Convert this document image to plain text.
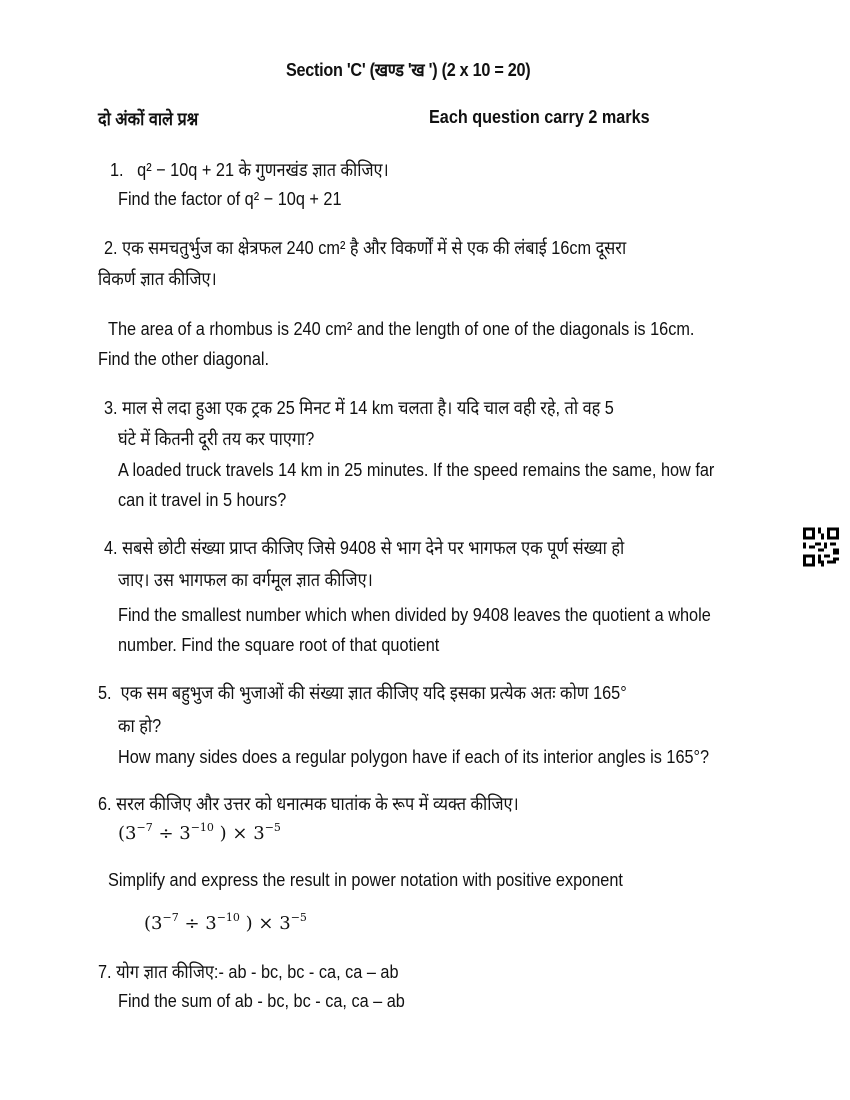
Section 'C' (खण्ड 'ख ') (2 x 10 = 20)
दो अंकों वाले प्रश्न	Each question carry 2 marks
1. q² − 10q + 21 के गुणनखंड ज्ञात कीजिए।
Find the factor of q² − 10q + 21
2. एक समचतुर्भुज का क्षेत्रफल 240 cm² है और विकर्णों में से एक की लंबाई 16cm दूसरा
विकर्ण ज्ञात कीजिए।
The area of a rhombus is 240 cm² and the length of one of the diagonals is 16cm.
Find the other diagonal.
3. माल से लदा हुआ एक ट्रक 25 मिनट में 14 km चलता है। यदि चाल वही रहे, तो वह 5
घंटे में कितनी दूरी तय कर पाएगा?
A loaded truck travels 14 km in 25 minutes. If the speed remains the same, how far
can it travel in 5 hours?
4. सबसे छोटी संख्या प्राप्त कीजिए जिसे 9408 से भाग देने पर भागफल एक पूर्ण संख्या हो
जाए। उस भागफल का वर्गमूल ज्ञात कीजिए।
Find the smallest number which when divided by 9408 leaves the quotient a whole
number. Find the square root of that quotient
5. एक सम बहुभुज की भुजाओं की संख्या ज्ञात कीजिए यदि इसका प्रत्येक अतः कोण 165°
का हो?
How many sides does a regular polygon have if each of its interior angles is 165°?
6. सरल कीजिए और उत्तर को धनात्मक घातांक के रूप में व्यक्त कीजिए।
($3^{-7} \div 3^{-10}$ ) × $3^{-5}$
Simplify and express the result in power notation with positive exponent
($3^{-7} \div 3^{-10}$ ) × $3^{-5}$
7. योग ज्ञात कीजिए:- ab - bc, bc - ca, ca – ab
Find the sum of ab - bc, bc - ca, ca – ab
